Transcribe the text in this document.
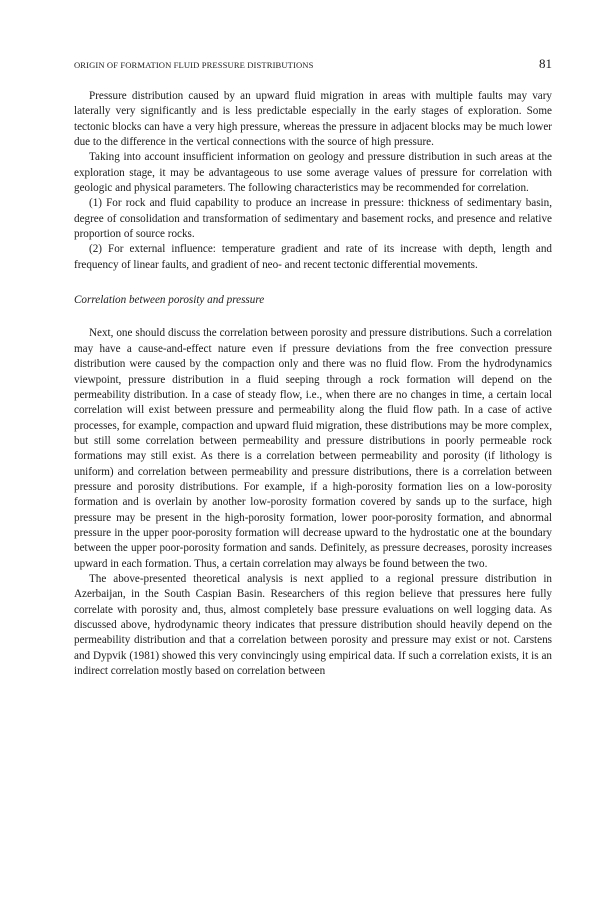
ORIGIN OF FORMATION FLUID PRESSURE DISTRIBUTIONS	81

Pressure distribution caused by an upward fluid migration in areas with multiple faults may vary laterally very significantly and is less predictable especially in the early stages of exploration. Some tectonic blocks can have a very high pressure, whereas the pressure in adjacent blocks may be much lower due to the difference in the vertical connections with the source of high pressure.

Taking into account insufficient information on geology and pressure distribution in such areas at the exploration stage, it may be advantageous to use some average values of pressure for correlation with geologic and physical parameters. The following characteristics may be recommended for correlation.

(1) For rock and fluid capability to produce an increase in pressure: thickness of sedimentary basin, degree of consolidation and transformation of sedimentary and basement rocks, and presence and relative proportion of source rocks.

(2) For external influence: temperature gradient and rate of its increase with depth, length and frequency of linear faults, and gradient of neo- and recent tectonic differential movements.

Correlation between porosity and pressure

Next, one should discuss the correlation between porosity and pressure distributions. Such a correlation may have a cause-and-effect nature even if pressure deviations from the free convection pressure distribution were caused by the compaction only and there was no fluid flow. From the hydrodynamics viewpoint, pressure distribution in a fluid seeping through a rock formation will depend on the permeability distribution. In a case of steady flow, i.e., when there are no changes in time, a certain local correlation will exist between pressure and permeability along the fluid flow path. In a case of active processes, for example, compaction and upward fluid migration, these distributions may be more complex, but still some correlation between permeability and pressure distributions in poorly permeable rock formations may still exist. As there is a correlation between permeability and porosity (if lithology is uniform) and correlation between permeability and pressure distributions, there is a correlation between pressure and porosity distributions. For example, if a high-porosity formation lies on a low-porosity formation and is overlain by another low-porosity formation covered by sands up to the surface, high pressure may be present in the high-porosity formation, lower poor-porosity formation, and abnormal pressure in the upper poor-porosity formation will decrease upward to the hydrostatic one at the boundary between the upper poor-porosity formation and sands. Definitely, as pressure decreases, porosity increases upward in each formation. Thus, a certain correlation may always be found between the two.

The above-presented theoretical analysis is next applied to a regional pressure distribution in Azerbaijan, in the South Caspian Basin. Researchers of this region believe that pressures here fully correlate with porosity and, thus, almost completely base pressure evaluations on well logging data. As discussed above, hydrodynamic theory indicates that pressure distribution should heavily depend on the permeability distribution and that a correlation between porosity and pressure may exist or not. Carstens and Dypvik (1981) showed this very convincingly using empirical data. If such a correlation exists, it is an indirect correlation mostly based on correlation between
